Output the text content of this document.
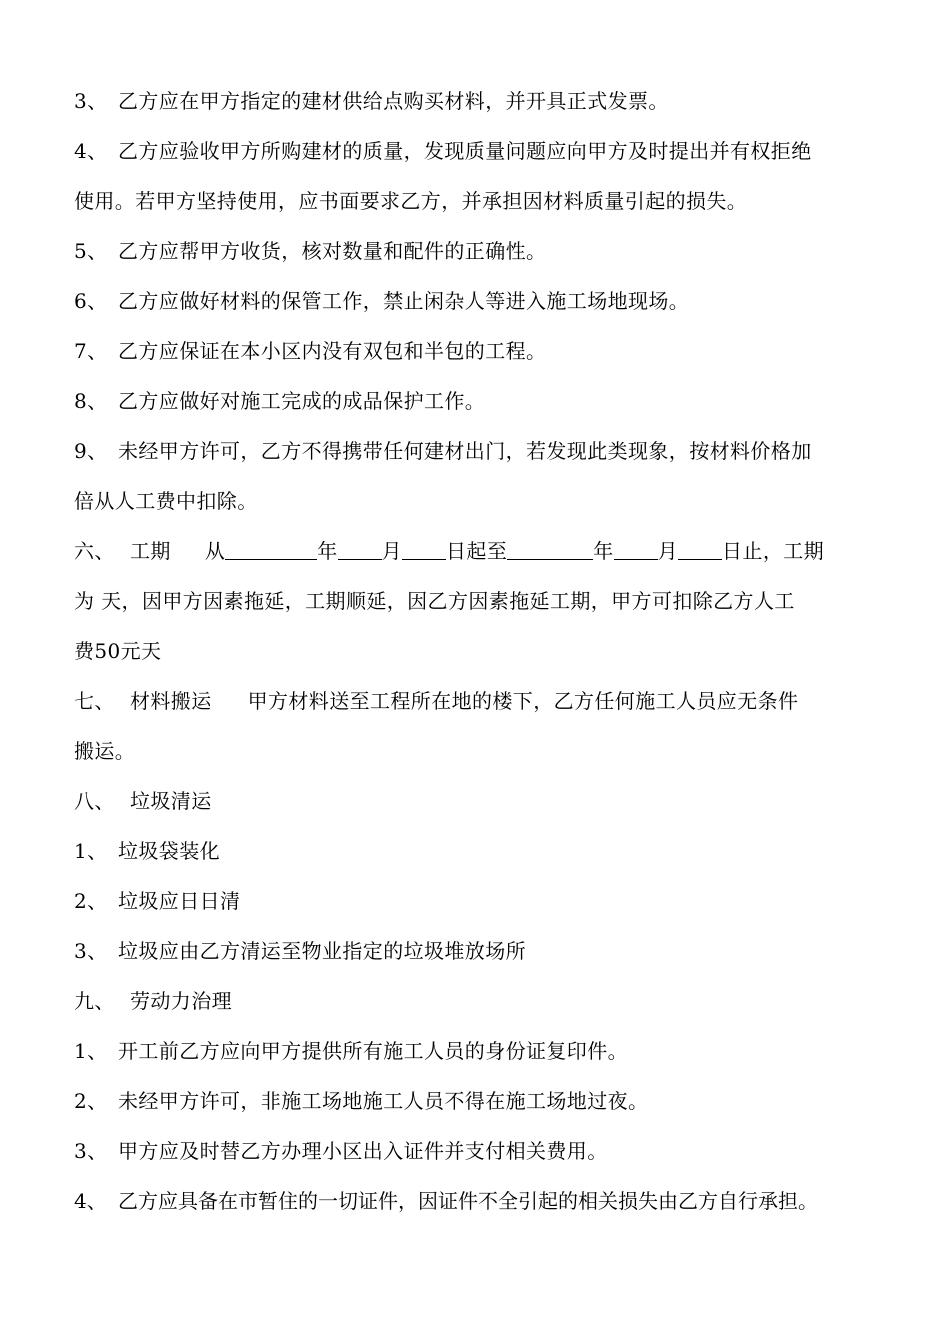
3、 乙方应在甲方指定的建材供给点购买材料，并开具正式发票。
4、 乙方应验收甲方所购建材的质量，发现质量问题应向甲方及时提出并有权拒绝
使用。若甲方坚持使用，应书面要求乙方，并承担因材料质量引起的损失。
5、 乙方应帮甲方收货，核对数量和配件的正确性。
6、 乙方应做好材料的保管工作，禁止闲杂人等进入施工场地现场。
7、 乙方应保证在本小区内没有双包和半包的工程。
8、 乙方应做好对施工完成的成品保护工作。
9、 未经甲方许可，乙方不得携带任何建材出门，若发现此类现象，按材料价格加
倍从人工费中扣除。
六、 工期 从	年 月 日起至	年 月 日止，工期
为 天，因甲方因素拖延，工期顺延，因乙方因素拖延工期，甲方可扣除乙方人工
费50元天
七、 材料搬运 甲方材料送至工程所在地的楼下，乙方任何施工人员应无条件
搬运。
八、 垃圾清运
1、 垃圾袋装化
2、 垃圾应日日清
3、 垃圾应由乙方清运至物业指定的垃圾堆放场所
九、 劳动力治理
1、 开工前乙方应向甲方提供所有施工人员的身份证复印件。
2、 未经甲方许可，非施工场地施工人员不得在施工场地过夜。
3、 甲方应及时替乙方办理小区出入证件并支付相关费用。
4、 乙方应具备在市暂住的一切证件，因证件不全引起的相关损失由乙方自行承担。
